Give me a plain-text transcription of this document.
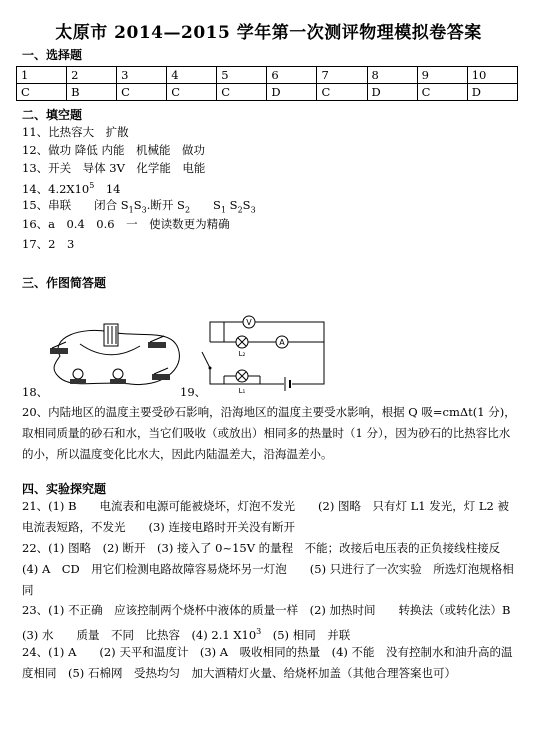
太原市 2014—2015 学年第一次测评物理模拟卷答案
一、选择题
1	2	3	4	5	6	7	8	9	10
C	B	C	C	C	D	C	D	C	D
二、填空题
11、比热容大　扩散
12、做功 降低 内能　机械能　做功
13、开关　导体 3V　化学能　电能
14、$4.2X10^5$　14
15、串联　　闭合 $S_1S_3$.断开 $S_2$　　$S_1$ $S_2S_3$
16、a　0.4　0.6　一　使读数更为精确
17、2　3
三、作图简答题
18、
V
L₂
A
L₁
19、
20、内陆地区的温度主要受砂石影响，沿海地区的温度主要受水影响，根据 Q 吸=cmΔt(1 分)，取相同质量的砂石和水，当它们吸收（或放出）相同多的热量时（1 分），因为砂石的比热容比水的小，所以温度变化比水大，因此内陆温差大，沿海温差小。
四、实验探究题
21、(1) B　　电流表和电源可能被烧坏，灯泡不发光　　(2) 图略　只有灯 L1 发光，灯 L2 被电流表短路，不发光　　(3) 连接电路时开关没有断开
22、(1) 图略　(2) 断开　(3) 接入了 0~15V 的量程　不能；改接后电压表的正负接线柱接反　　(4) A　CD　用它们检测电路故障容易烧坏另一灯泡　　(5) 只进行了一次实验　所选灯泡规格相同
23、(1) 不正确　应该控制两个烧杯中液体的质量一样　(2) 加热时间　　转换法（或转化法）B　(3) 水　　质量　不同　比热容　(4) 2.1 $X10^3$　(5) 相同　并联
24、(1) A　　(2) 天平和温度计　(3) A　吸收相同的热量　(4) 不能　没有控制水和油升高的温度相同　(5) 石棉网　受热均匀　加大酒精灯火量、给烧杯加盖（其他合理答案也可）
